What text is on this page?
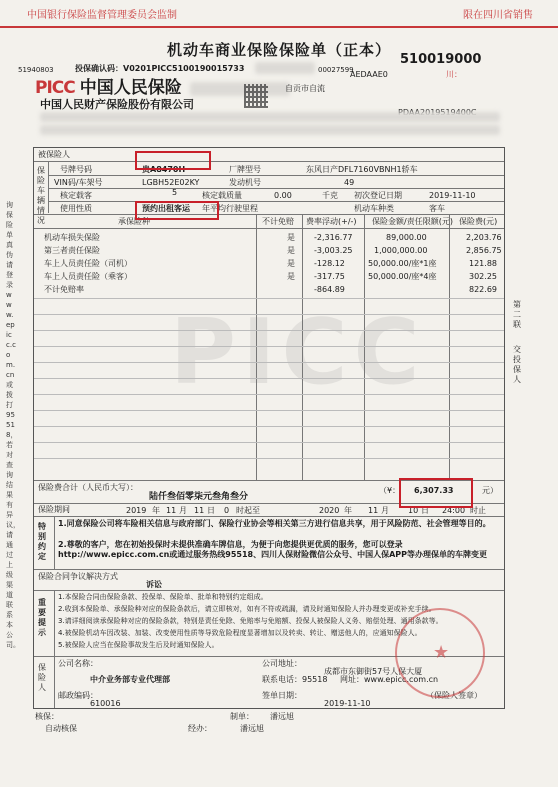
中国银行保险监督管理委员会监制	限在四川省销售
机动车商业保险保险单（正本）
51940803	投保确认码：V0201PICC5100190015733	00027599
AEDAAE0	川：
510019000
PICC 中国人民保险
中国人民财产保险股份有限公司
自贡市自流
PICC
询保险单真伪请登录www.epicc.com.cn或拨打95518，若对查询结果有异议，请通过上级渠道联系本公司。
第二联
交投保人
被保险人
保险车辆情况
号牌号码	贵A8470H	厂牌型号	东风日产DFL7160VBNH1轿车
VIN码/车架号	LGBH52E02KY	发动机号	49
核定载客	5	核定载质量	0.00	千克 初次登记日期	2019-11-10
使用性质	预约出租客运 年平均行驶里程	机动车种类	客车
承保险种	不计免赔 费率浮动(+/-) 保险金额/责任限额(元) 保险费(元)
机动车损失保险	是 -2,316.77	89,000.00	2,203.76
第三者责任保险	是 -3,003.25	1,000,000.00	2,856.75
车上人员责任险（司机）	是 -128.12	50,000.00/座*1座	121.88
车上人员责任险（乘客）	是 -317.75	50,000.00/座*4座	302.25
不计免赔率	-864.89	822.69
保险费合计（人民币大写）：
陆仟叁佰零柒元叁角叁分
（¥： 6,307.33	元）
保险期间	2019 年 11 月 11 日 0 时起至	2020 年 11 月 10 日 24:00 时止
特别约定
1.同意保险公司将车险相关信息与政府部门、保险行业协会等相关第三方进行信息共享，用于风险防范、社会管理等目的。
2.尊敬的客户，您在初始投保时未提供准确车牌信息，为便于向您提供更优质的服务，您可以登录http://www.epicc.com.cn或通过服务热线95518、四川人保财险微信公众号、中国人保APP等办理保单的车牌变更
保险合同争议解决方式
诉讼
重要提示
1.本保险合同由保险条款、投保单、保险单、批单和特别约定组成。
2.收到本保险单、承保险种对应的保险条款后，请立即核对，如有不符或疏漏，请及时通知保险人并办理变更或补充手续。
3.请详细阅读承保险种对应的保险条款，特别是责任免除、免赔率与免赔额、投保人被保险人义务、赔偿处理、通用条款等。
4.被保险机动车因改装、加装、改变使用性质等导致危险程度显著增加以及转卖、转让、赠送他人的，应通知保险人。
5.被保险人应当在保险事故发生后及时通知保险人。
保险人
公司名称：
中介业务部专业代理部
邮政编码：
610016
公司地址：
成都市东御街57号人保大厦
联系电话： 95518 网址：www.epicc.com.cn
签单日期：
2019-11-10
（保险人签章）
★
核保：
自动核保
制单：
经办：	潘远旭
潘远旭
